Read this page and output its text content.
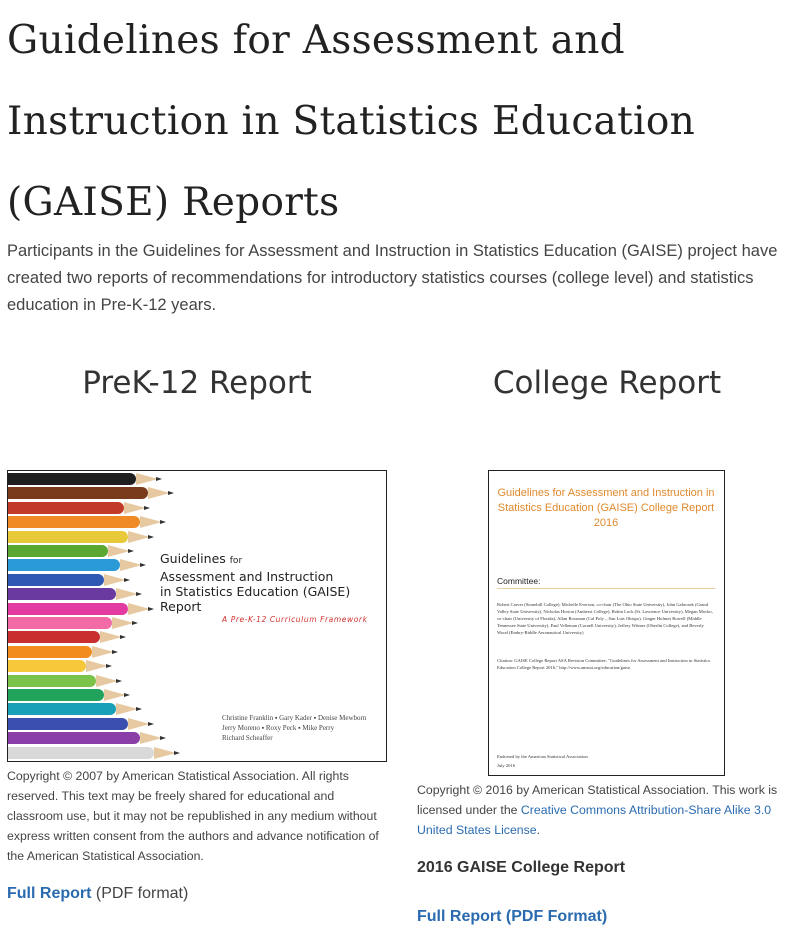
Guidelines for Assessment and Instruction in Statistics Education (GAISE) Reports

Participants in the Guidelines for Assessment and Instruction in Statistics Education (GAISE) project have created two reports of recommendations for introductory statistics courses (college level) and statistics education in Pre-K-12 years.

PreK-12 Report	College Report
Guidelines for
Assessment and Instruction
in Statistics Education (GAISE) Report
A Pre-K-12 Curriculum Framework
Christine Franklin ▪ Gary Kader ▪ Denise Mewborn
Jerry Moreno ▪ Roxy Peck ▪ Mike Perry
Richard Scheaffer
Guidelines for Assessment and Instruction in Statistics Education (GAISE) College Report 2016
Committee:
Robert Carver (Stonehill College), Michelle Everson, co-chair (The Ohio State University), John Gabrosek (Grand Valley State University), Nicholas Horton (Amherst College), Robin Lock (St. Lawrence University), Megan Mocko, co-chair (University of Florida), Allan Rossman (Cal Poly – San Luis Obispo), Ginger Holmes Rowell (Middle Tennessee State University), Paul Velleman (Cornell University), Jeffrey Witmer (Oberlin College), and Beverly Wood (Embry-Riddle Aeronautical University)
Citation: GAISE College Report ASA Revision Committee, "Guidelines for Assessment and Instruction in Statistics Education College Report 2016," http://www.amstat.org/education/gaise.
Endorsed by the American Statistical Association
July 2016

Copyright © 2007 by American Statistical Association. All rights reserved. This text may be freely shared for educational and classroom use, but it may not be republished in any medium without express written consent from the authors and advance notification of the American Statistical Association.

Copyright © 2016 by American Statistical Association. This work is licensed under the Creative Commons Attribution-Share Alike 3.0 United States License.

2016 GAISE College Report

Full Report (PDF format)

Full Report (PDF Format)
